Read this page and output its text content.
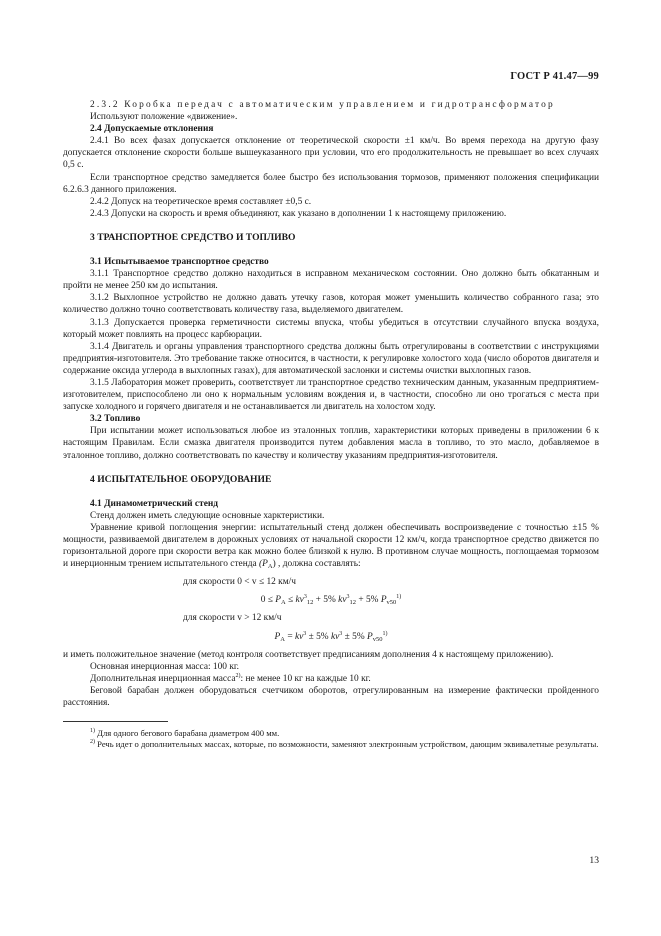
ГОСТ Р 41.47—99

2.3.2 Коробка передач с автоматическим управлением и гидротрансформатор

Используют положение «движение».

2.4 Допускаемые отклонения

2.4.1 Во всех фазах допускается отклонение от теоретической скорости ±1 км/ч. Во время перехода на другую фазу допускается отклонение скорости больше вышеуказанного при условии, что его продолжительность не превышает во всех случаях 0,5 с.

Если транспортное средство замедляется более быстро без использования тормозов, применяют положения спецификации 6.2.6.3 данного приложения.

2.4.2 Допуск на теоретическое время составляет ±0,5 с.

2.4.3 Допуски на скорость и время объединяют, как указано в дополнении 1 к настоящему приложению.

3 ТРАНСПОРТНОЕ СРЕДСТВО И ТОПЛИВО
3.1 Испытываемое транспортное средство

3.1.1 Транспортное средство должно находиться в исправном механическом состоянии. Оно должно быть обкатанным и пройти не менее 250 км до испытания.

3.1.2 Выхлопное устройство не должно давать утечку газов, которая может уменьшить количество собранного газа; это количество должно точно соответствовать количеству газа, выделяемого двигателем.

3.1.3 Допускается проверка герметичности системы впуска, чтобы убедиться в отсутствии случайного впуска воздуха, который может повлиять на процесс карбюрации.

3.1.4 Двигатель и органы управления транспортного средства должны быть отрегулированы в соответствии с инструкциями предприятия-изготовителя. Это требование также относится, в частности, к регулировке холостого хода (число оборотов двигателя и содержание оксида углерода в выхлопных газах), для автоматической заслонки и системы очистки выхлопных газов.

3.1.5 Лаборатория может проверить, соответствует ли транспортное средство техническим данным, указанным предприятием-изготовителем, приспособлено ли оно к нормальным условиям вождения и, в частности, способно ли оно трогаться с места при запуске холодного и горячего двигателя и не останавливается ли двигатель на холостом ходу.

3.2 Топливо

При испытании может использоваться любое из эталонных топлив, характеристики которых приведены в приложении 6 к настоящим Правилам. Если смазка двигателя производится путем добавления масла в топливо, то это масло, добавляемое в эталонное топливо, должно соответствовать по качеству и количеству указаниям предприятия-изготовителя.

4 ИСПЫТАТЕЛЬНОЕ ОБОРУДОВАНИЕ
4.1 Динамометрический стенд

Стенд должен иметь следующие основные харктеристики.

Уравнение кривой поглощения энергии: испытательный стенд должен обеспечивать воспроизведение с точностью ±15 % мощности, развиваемой двигателем в дорожных условиях от начальной скорости 12 км/ч, когда транспортное средство движется по горизонтальной дороге при скорости ветра как можно более близкой к нулю. В противном случае мощность, поглощаемая тормозом и инерционным трением испытательного стенда $(P_A)$ , должна составлять:

для скорости 0 < v ≤ 12 км/ч
$0 \le P_A \le kv^3_{12} + 5\%$ $kv^3_{12} + 5\%$ $P_{v50}^{1)}$
для скорости v > 12 км/ч
$P_A = kv^3 \pm 5\%$ $kv^3 \pm 5\%$ $P_{v50}^{1)}$

и иметь положительное значение (метод контроля соответствует предписаниям дополнения 4 к настоящему приложению).

Основная инерционная масса: 100 кг.

Дополнительная инерционная масса$^{2)}$: не менее 10 кг на каждые 10 кг.

Беговой барабан должен оборудоваться счетчиком оборотов, отрегулированным на измерение фактически пройденного расстояния.

$^{1)}$ Для одного бегового барабана диаметром 400 мм.

$^{2)}$ Речь идет о дополнительных массах, которые, по возможности, заменяют электронным устройством, дающим эквивалетные результаты.

13
